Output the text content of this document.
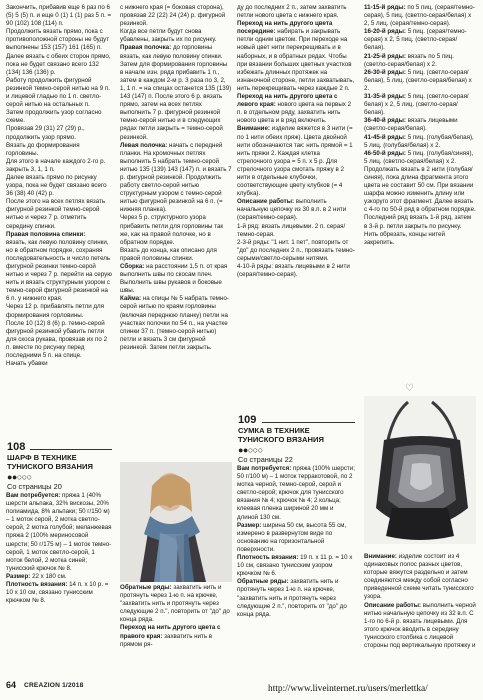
Закончить, прибавив еще 6 раз по 6 (5) 5 (5) п. и еще 0 (1) 1 (1) раз 5 п. = 90 (102) 108 (114) п.

Продолжить вязать прямо, пока с противоположной стороны не будут выполнены 153 (157) 161 (165) п.

Далее вязать с обеих сторон прямо, пока не будет связано всего 132 (134) 136 (136) р.

Работу продолжить фигурной резинкой темно-серой нитью на 9 п. и лицевой гладью по 1 п. светло-серой нитью на остальных п.

Затем продолжить узор согласно схеме.

Провязав 29 (31) 27 (29) р., продолжить узор прямо.

Вязать до формирования горловины.

Для этого в начале каждого 2-го р. закрыть 3, 1, 1 п.

Далее вязать прямо по рисунку узора, пока не будет связано всего 36 (38) 40 (42) р.

После этого на всех петлях вязать фигурной резинкой темно-серой нитью и через 7 р. отметить середину спинки.

Правая половина спинки:

вязать, как левую половину спинки, но в обратном порядке, сохраняя последовательность и число петель фигурной резинки темно-серой нитью и через 7 р. перейти на серую нить и вязать структурным узором с темно-серой фигурной резинкой на 6 п. у нижнего края.

Через 12 р. прибавлять петли для формирования горловины.

После 10 (12) 8 (6) р. темно-серой фигурной резинкой убавить петли для скоса рукава, провязав их по 2 п. вместе по рисунку перед последними 5 п. на спице.

Начать убавки

с нижнего края (= боковая сторона), провязав 22 (22) 24 (24) р. фигурной резинкой.

Когда все петли будут снова убавлены, закрыть их по рисунку.

Правая полочка: до горловины вязать, как левую половину спинки. Затем для формирования горловины в начале изн. ряда прибавить 1 п., затем в каждом 2-м р. 3 раза по 3, 2, 1, 1 п. = на спицах останется 135 (139) 143 (147) п. После этого 6 р. вязать прямо, затем на всех петлях выполнить 7 р. фигурной резинкой темно-серой нитью и в следующих рядах петли закрыть = темно-серой резинкой.

Левая полочка: начать с передней планки. На кромочных петлях выполнить 5 набрать темно-серой нитью 135 (139) 143 (147) п. и вязать 7 р. фигурной резинкой. Продолжить работу светло-серой нитью структурным узором с темно-серой нитью фигурной резинкой на 6 п. (= нижняя планка).

Через 5 р. структурного узора прибавить петли для горловины так же, как на правой полочке, но в обратном порядке.

Вязать до конца, как описано для правой половины спинки.

Сборка: на расстоянии 1,5 п. от края выполнить швы по скосам плеч. Выполнить швы рукавов и боковые швы.

Кайма: на спицы № 5 набрать темно-серой нитью по краям горловины (включая переднюю планку) петли на участках полочки по 54 п., на участке спинки 37 п. (темно-серой нитью) петли и вязать 3 см фигурной резинкой. Затем петли закрыть.

ду до последних 2 п., затем захватить петли нового цвета с нижнего края.

Переход на нить другого цвета посередине: набирать и закрывать петли одним цветом. При переходе на новый цвет нити перекрещивать и в наборных, и в обратных рядах. Чтобы при вязании больших цветных участков избежать длинных протяжек на изнаночной стороне, петли захватывать, нить перекрещивать через каждые 2 п.

Переход на нить другого цвета с левого края: нового цвета на первых 2 п. в отдельном ряду, захватить нить нового цвета и в ряд включить.

Внимание: изделие вяжется в 3 нити (= по 1 нити обеих пряж). Цвета двойной нити обозначаются так: нить прямой = 1 нить пряжи 2. Каждая клетка стрелочного узора = 5 п. х 5 р. Для стрелочного узора смотать пряжу в 2 нити в отдельные клубочки, соответствующие цвету клубков (= 4 клубка).

Описание работы: выполнить начальную цепочку из 30 в.п. в 2 нити (серая/темно-серая).

1-й ряд: вязать лицевыми. 2 п. серая/темно-серая.

2-3-й ряды: "1 нит. 1 пет", повторить от "до" до последних 2 п., провязать темно-серыми/светло-серыми нитями.

4-10-й ряды: вязать лицевыми в 2 нити (серая/темно-серая).

11-15-й ряды: по 5 пиц. (серая/темно-серая), 5 пиц. (светло-серая/белая) х 2, 5 лиц. (серая/темно-серая).

16-20-й ряды: 5 пиц. (серая/темно-серая) х 2, 5 пиц. (светло-серая/белая).

21-25-й ряды: вязать по 5 пиц. (светло-серая/белая) х 2.

26-30-й ряды: 5 пиц. (светло-серая/белая), 5 лиц. (светло-серая/белая) х 2.

31-35-й ряды: 5 пиц. (светло-серая/белая) х 2, 5 лиц. (светло-серая/белая).

36-40-й ряды: вязать лицевыми (светло-серая/белая).

41-45-й ряды: 5 пиц. (голубая/белая), 5 лиц. (голубая/белая) х 2.

46-50-й ряды: 5 пиц. (голубая/синяя), 5 лиц. (светло-серая/белая) х 2.

Продолжать вязать в 2 нити (голубая/синяя), пока длина фрагмента этого цвета не составит 50 см. При вязании шарфа можно изменить длину или узкоруго этот фрагмент. Далее вязать с 4-го по 50-й ряд в обратном порядке. Последний ряд вязать 1-й ряд, затем в 3-й р. петли закрыть по рисунку. Нить обрезать, концы нитей закрепить.

♡
108
ШАРФ В ТЕХНИКЕ ТУНИСКОГО ВЯЗАНИЯ
●●○○○
Со страницы 20

Вам потребуется: пряжа 1 (40% шерсти альпака, 32% вискозы, 20% полиамида, 8% альпаки; 50 г/150 м) – 1 моток серой, 2 мотка светло-серой, 2 мотка голубой; меланжевая пряжа 2 (100% мериносовой шерсти; 50 г/175 м) – 1 моток темно-серой, 1 моток светло-серой, 1 моток белой, 2 мотка синей; тунисский крючок № 8.

Размер: 22 х 180 см.

Плотность вязания: 14 п. х 10 р. = 10 х 10 см, связано тунисским крючком № 8.

Обратные ряды: захватить нить и протянуть через 1-ю п. на крючке, "захватить нить и протянуть через следующие 2 п.", повторить от "до" до конца ряда.

Переход на нить другого цвета с правого края: захватить нить в прямом ря-

109
СУМКА В ТЕХНИКЕ ТУНИСКОГО ВЯЗАНИЯ
●●○○○
Со страницы 22

Вам потребуется: пряжа (100% шерсти; 50 г/100 м) – 1 моток терракотовой, по 2 мотка черной, темно-серой, серой и светло-серой; крючок для тунисского вязания № 4; крючок № 4; 2 кольца; клеевая пленка шириной 20 мм и длиной 130 см.

Размер: ширина 50 см, высота 55 см, измерено в развернутом виде по основанию на горизонтальной поверхности.

Плотность вязания: 19 п. х 11 р. = 10 х 10 см, связано тунисским узором крючком № 6.

Обратные ряды: захватить нить и протянуть через 1-ю п. на крючке, "захватить нить и протянуть через следующие 2 п.", повторить от "до" до конца ряда.

Внимание: изделие состоит из 4 одинаковых полос разных цветов, которые вяжутся раздельно и затем соединяются между собой согласно приведенной схеме читать тунисского узора.

Описание работы: выполнить черной нитью начальную цепочку из 32 в.п. С 1-го по 6-й р. вязать лицевыми. Для этого крючок вводить в середину тунисского столбика с лицевой стороны под вертикальную протяжку и

64 CREAZION 1/2018	http://www.liveinternet.ru/users/merlettka/
